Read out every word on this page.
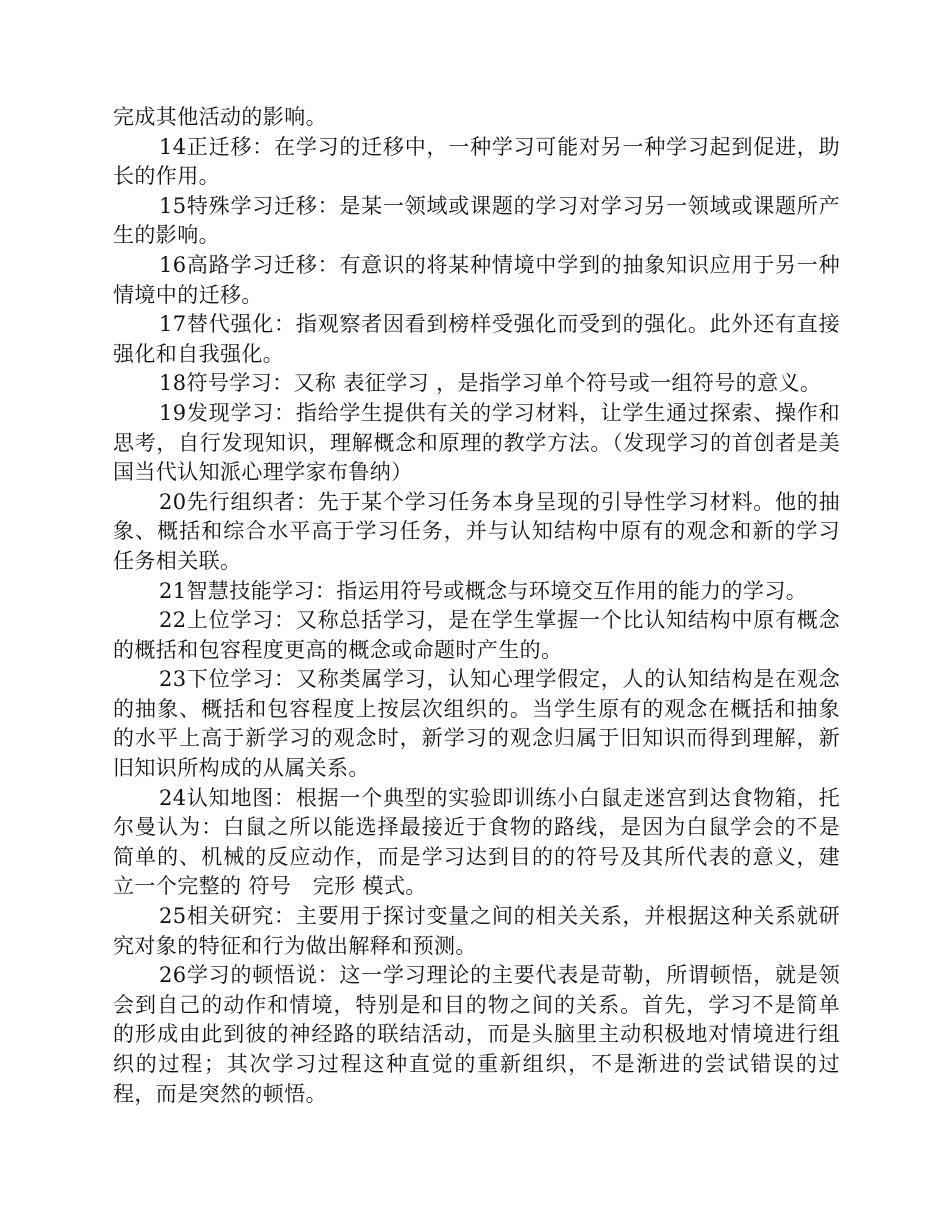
完成其他活动的影响。

14正迁移：在学习的迁移中，一种学习可能对另一种学习起到促进，助长的作用。

15特殊学习迁移：是某一领域或课题的学习对学习另一领域或课题所产生的影响。

16高路学习迁移：有意识的将某种情境中学到的抽象知识应用于另一种情境中的迁移。

17替代强化：指观察者因看到榜样受强化而受到的强化。此外还有直接强化和自我强化。

18符号学习：又称 表征学习 ，是指学习单个符号或一组符号的意义。

19发现学习：指给学生提供有关的学习材料，让学生通过探索、操作和思考，自行发现知识，理解概念和原理的教学方法。（发现学习的首创者是美国当代认知派心理学家布鲁纳）

20先行组织者：先于某个学习任务本身呈现的引导性学习材料。他的抽象、概括和综合水平高于学习任务，并与认知结构中原有的观念和新的学习任务相关联。

21智慧技能学习：指运用符号或概念与环境交互作用的能力的学习。

22上位学习：又称总括学习，是在学生掌握一个比认知结构中原有概念的概括和包容程度更高的概念或命题时产生的。

23下位学习：又称类属学习，认知心理学假定，人的认知结构是在观念的抽象、概括和包容程度上按层次组织的。当学生原有的观念在概括和抽象的水平上高于新学习的观念时，新学习的观念归属于旧知识而得到理解，新旧知识所构成的从属关系。

24认知地图：根据一个典型的实验即训练小白鼠走迷宫到达食物箱，托尔曼认为：白鼠之所以能选择最接近于食物的路线，是因为白鼠学会的不是简单的、机械的反应动作，而是学习达到目的的符号及其所代表的意义，建立一个完整的 符号　完形 模式。

25相关研究：主要用于探讨变量之间的相关关系，并根据这种关系就研究对象的特征和行为做出解释和预测。

26学习的顿悟说：这一学习理论的主要代表是苛勒，所谓顿悟，就是领会到自己的动作和情境，特别是和目的物之间的关系。首先，学习不是简单的形成由此到彼的神经路的联结活动，而是头脑里主动积极地对情境进行组织的过程；其次学习过程这种直觉的重新组织，不是渐进的尝试错误的过程，而是突然的顿悟。
